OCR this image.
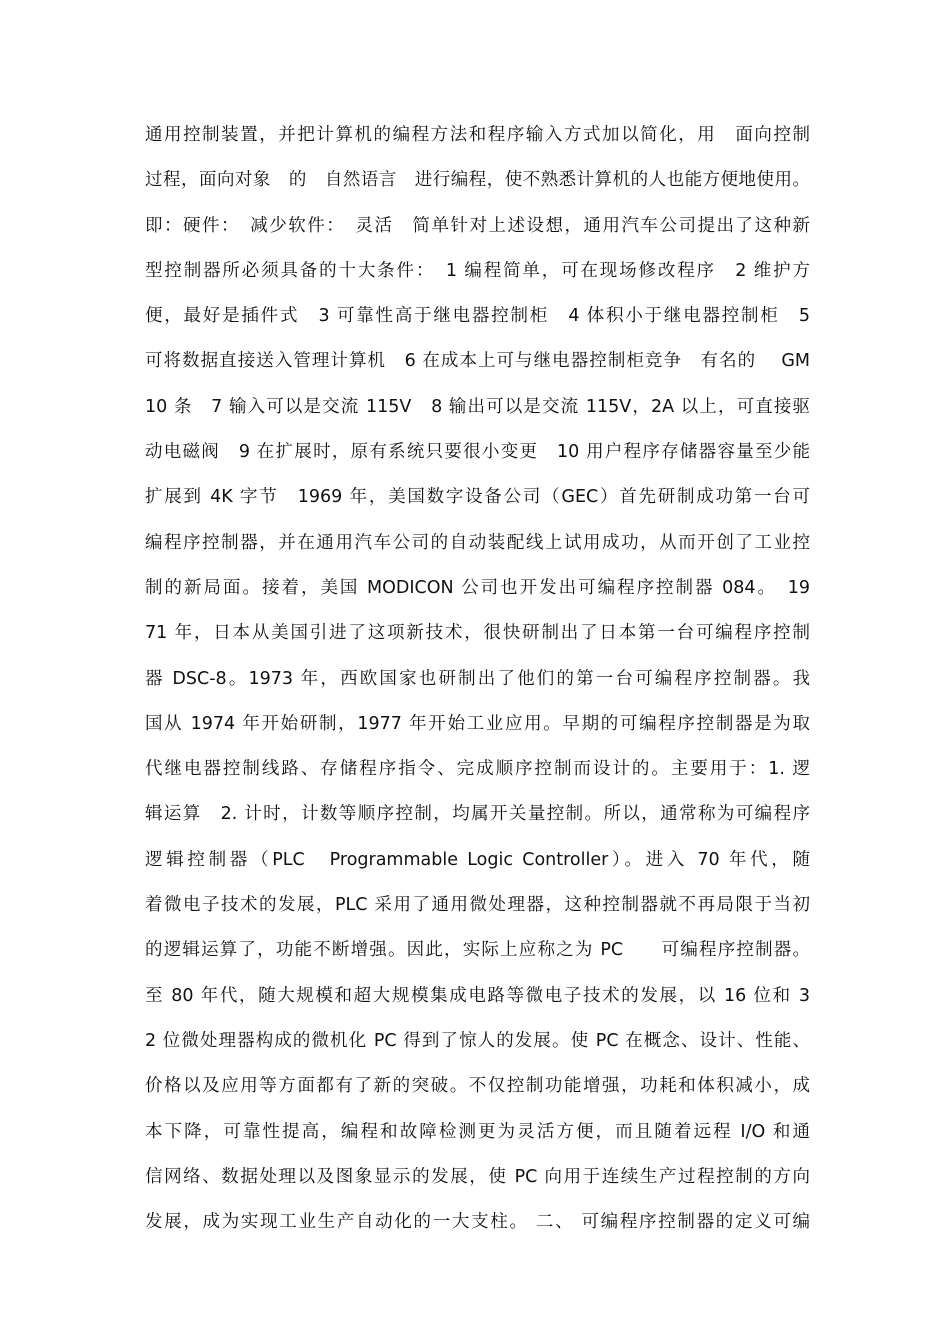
通用控制装置，并把计算机的编程方法和程序输入方式加以简化，用　面向控制
过程，面向对象　的　自然语言　进行编程，使不熟悉计算机的人也能方便地使用。
即：硬件：　减少软件：　灵活　简单针对上述设想，通用汽车公司提出了这种新
型控制器所必须具备的十大条件：　1 编程简单，可在现场修改程序　2 维护方
便，最好是插件式　3 可靠性高于继电器控制柜　4 体积小于继电器控制柜　5
可将数据直接送入管理计算机　6 在成本上可与继电器控制柜竞争　有名的　 GM
10 条　7 输入可以是交流 115V　8 输出可以是交流 115V，2A 以上，可直接驱
动电磁阀　9 在扩展时，原有系统只要很小变更　10 用户程序存储器容量至少能
扩展到 4K 字节　1969 年，美国数字设备公司（GEC）首先研制成功第一台可
编程序控制器，并在通用汽车公司的自动装配线上试用成功，从而开创了工业控
制的新局面。接着，美国 MODICON 公司也开发出可编程序控制器 084。　19
71 年，日本从美国引进了这项新技术，很快研制出了日本第一台可编程序控制
器 DSC-8。1973 年，西欧国家也研制出了他们的第一台可编程序控制器。我
国从 1974 年开始研制，1977 年开始工业应用。早期的可编程序控制器是为取
代继电器控制线路、存储程序指令、完成顺序控制而设计的。主要用于：1. 逻
辑运算　2. 计时，计数等顺序控制，均属开关量控制。所以，通常称为可编程序
逻辑控制器（PLC　Programmable Logic Controller）。进入 70 年代，随
着微电子技术的发展，PLC 采用了通用微处理器，这种控制器就不再局限于当初
的逻辑运算了，功能不断增强。因此，实际上应称之为 PC　　可编程序控制器。
至 80 年代，随大规模和超大规模集成电路等微电子技术的发展，以 16 位和 3
2 位微处理器构成的微机化 PC 得到了惊人的发展。使 PC 在概念、设计、性能、
价格以及应用等方面都有了新的突破。不仅控制功能增强，功耗和体积减小，成
本下降，可靠性提高，编程和故障检测更为灵活方便，而且随着远程 I/O 和通
信网络、数据处理以及图象显示的发展，使 PC 向用于连续生产过程控制的方向
发展，成为实现工业生产自动化的一大支柱。 二、 可编程序控制器的定义可编
